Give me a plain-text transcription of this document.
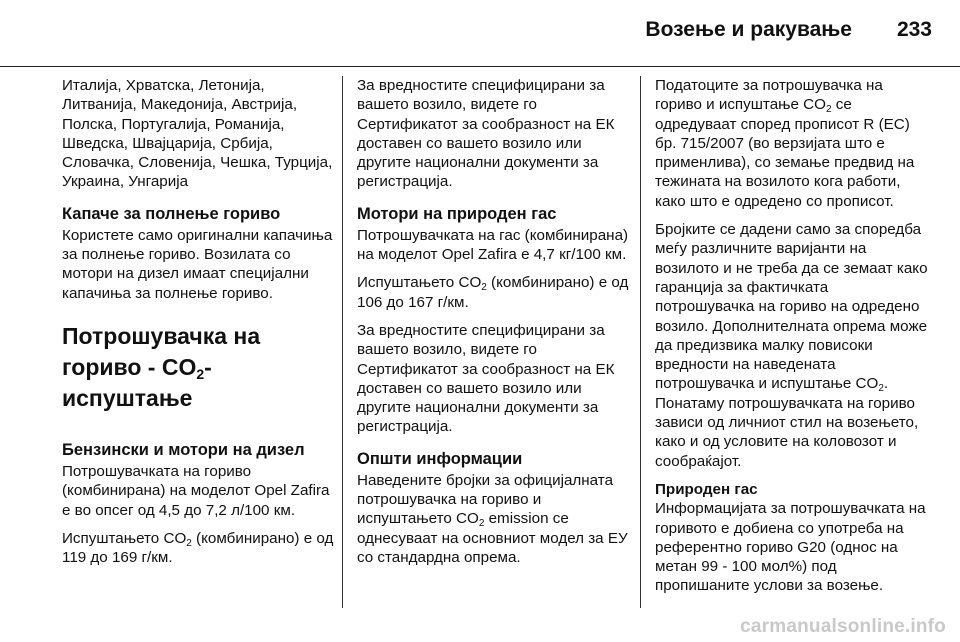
Возење и ракување 233

Италија, Хрватска, Летонија, Литванија, Македонија, Австрија, Полска, Португалија, Романија, Шведска, Швајцарија, Србија, Словачка, Словенија, Чешка, Турција, Украина, Унгарија

Капаче за полнење гориво

Користете само оригинални капачиња за полнење гориво. Возилата со мотори на дизел имаат специјални капачиња за полнење гориво.

Потрошувачка на
гориво - $CO_2$-испуштање
Бензински и мотори на дизел

Потрошувачката на гориво (комбинирана) на моделот Opel Zafira е во опсег од 4,5 до 7,2 л/100 км.

Испуштањето $CO_2$ (комбинирано) е од 119 до 169 г/км.

За вредностите специфицирани за вашето возило, видете го Сертификатот за сообразност на ЕК доставен со вашето возило или другите национални документи за регистрација.

Мотори на природен гас

Потрошувачката на гас (комбинирана) на моделот Opel Zafira е 4,7 кг/100 км.

Испуштањето $CO_2$ (комбинирано) е од 106 до 167 г/км.

За вредностите специфицирани за вашето возило, видете го Сертификатот за сообразност на ЕК доставен со вашето возило или другите национални документи за регистрација.

Општи информации

Наведените бројки за официјалната потрошувачка на гориво и испуштањето $CO_2$ emission се однесуваат на основниот модел за ЕУ со стандардна опрема.

Податоците за потрошувачка на гориво и испуштање $CO_2$ се одредуваат според прописот R (EC) бр. 715/2007 (во верзијата што е применлива), со земање предвид на тежината на возилото кога работи, како што е одредено со прописот.

Бројките се дадени само за споредба меѓу различните варијанти на возилото и не треба да се земаат како гаранција за фактичката потрошувачка на гориво на одредено возило. Дополнителната опрема може да предизвика малку повисоки вредности на наведената потрошувачка и испуштање $CO_2$. Понатаму потрошувачката на гориво зависи од личниот стил на возењето, како и од условите на коловозот и сообраќајот.

Природен гас

Информацијата за потрошувачката на горивото е добиена со употреба на референтно гориво G20 (однос на метан 99 - 100 мол%) под пропишаните услови за возење.

carmanualsonline.info
